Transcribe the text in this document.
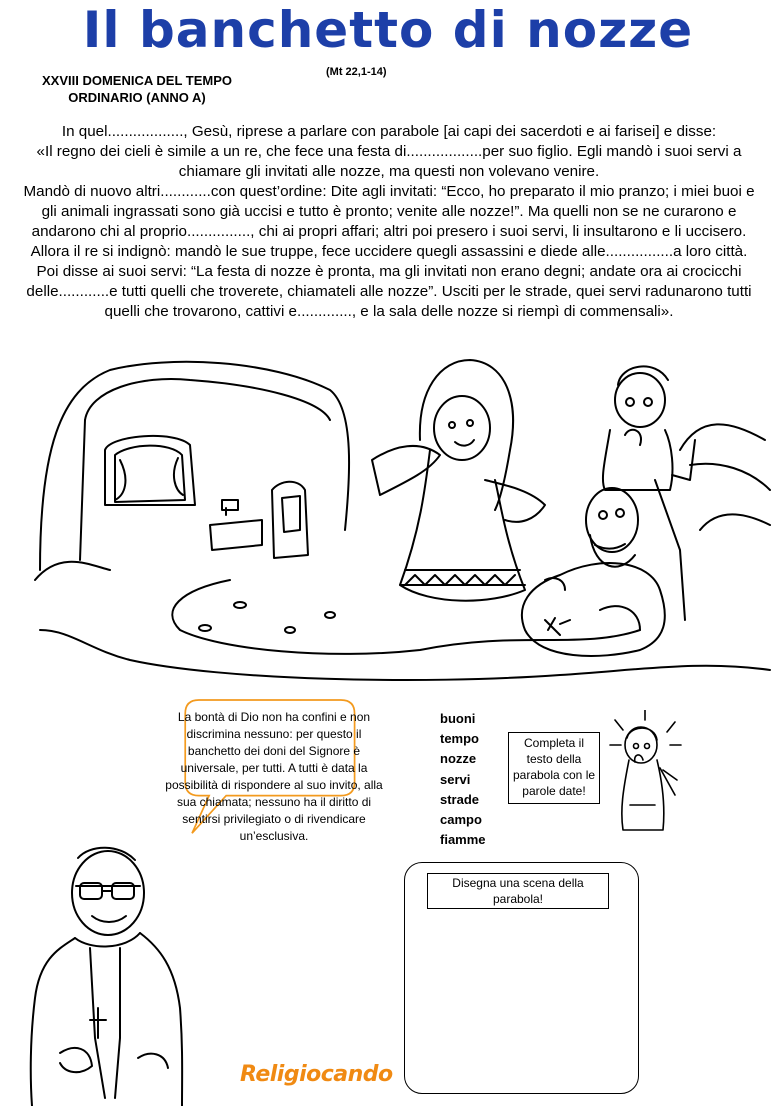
Il banchetto di nozze
XXVIII DOMENICA DEL TEMPO ORDINARIO (ANNO A)
(Mt 22,1-14)

In quel.................., Gesù, riprese a parlare con parabole [ai capi dei sacerdoti e ai farisei] e disse:

«Il regno dei cieli è simile a un re, che fece una festa di..................per suo figlio. Egli mandò i suoi servi a chiamare gli invitati alle nozze, ma questi non volevano venire.

Mandò di nuovo altri............con quest’ordine: Dite agli invitati: “Ecco, ho preparato il mio pranzo; i miei buoi e gli animali ingrassati sono già uccisi e tutto è pronto; venite alle nozze!”. Ma quelli non se ne curarono e andarono chi al proprio..............., chi ai propri affari; altri poi presero i suoi servi, li insultarono e li uccisero.

Allora il re si indignò: mandò le sue truppe, fece uccidere quegli assassini e diede alle................a loro città.

Poi disse ai suoi servi: “La festa di nozze è pronta, ma gli invitati non erano degni; andate ora ai crocicchi delle............e tutti quelli che troverete, chiamateli alle nozze”. Usciti per le strade, quei servi radunarono tutti quelli che trovarono, cattivi e............., e la sala delle nozze si riempì di commensali».

La bontà di Dio non ha confini e non discrimina nessuno: per questo il banchetto dei doni del Signore è universale, per tutti. A tutti è data la possibilità di rispondere al suo invito, alla sua chiamata; nessuno ha il diritto di sentirsi privilegiato o di rivendicare un’esclusiva.
buoni
tempo
nozze
servi
strade
campo
fiamme
Completa il testo della parabola con le parole date!
Disegna una scena della parabola!
Religiocando
